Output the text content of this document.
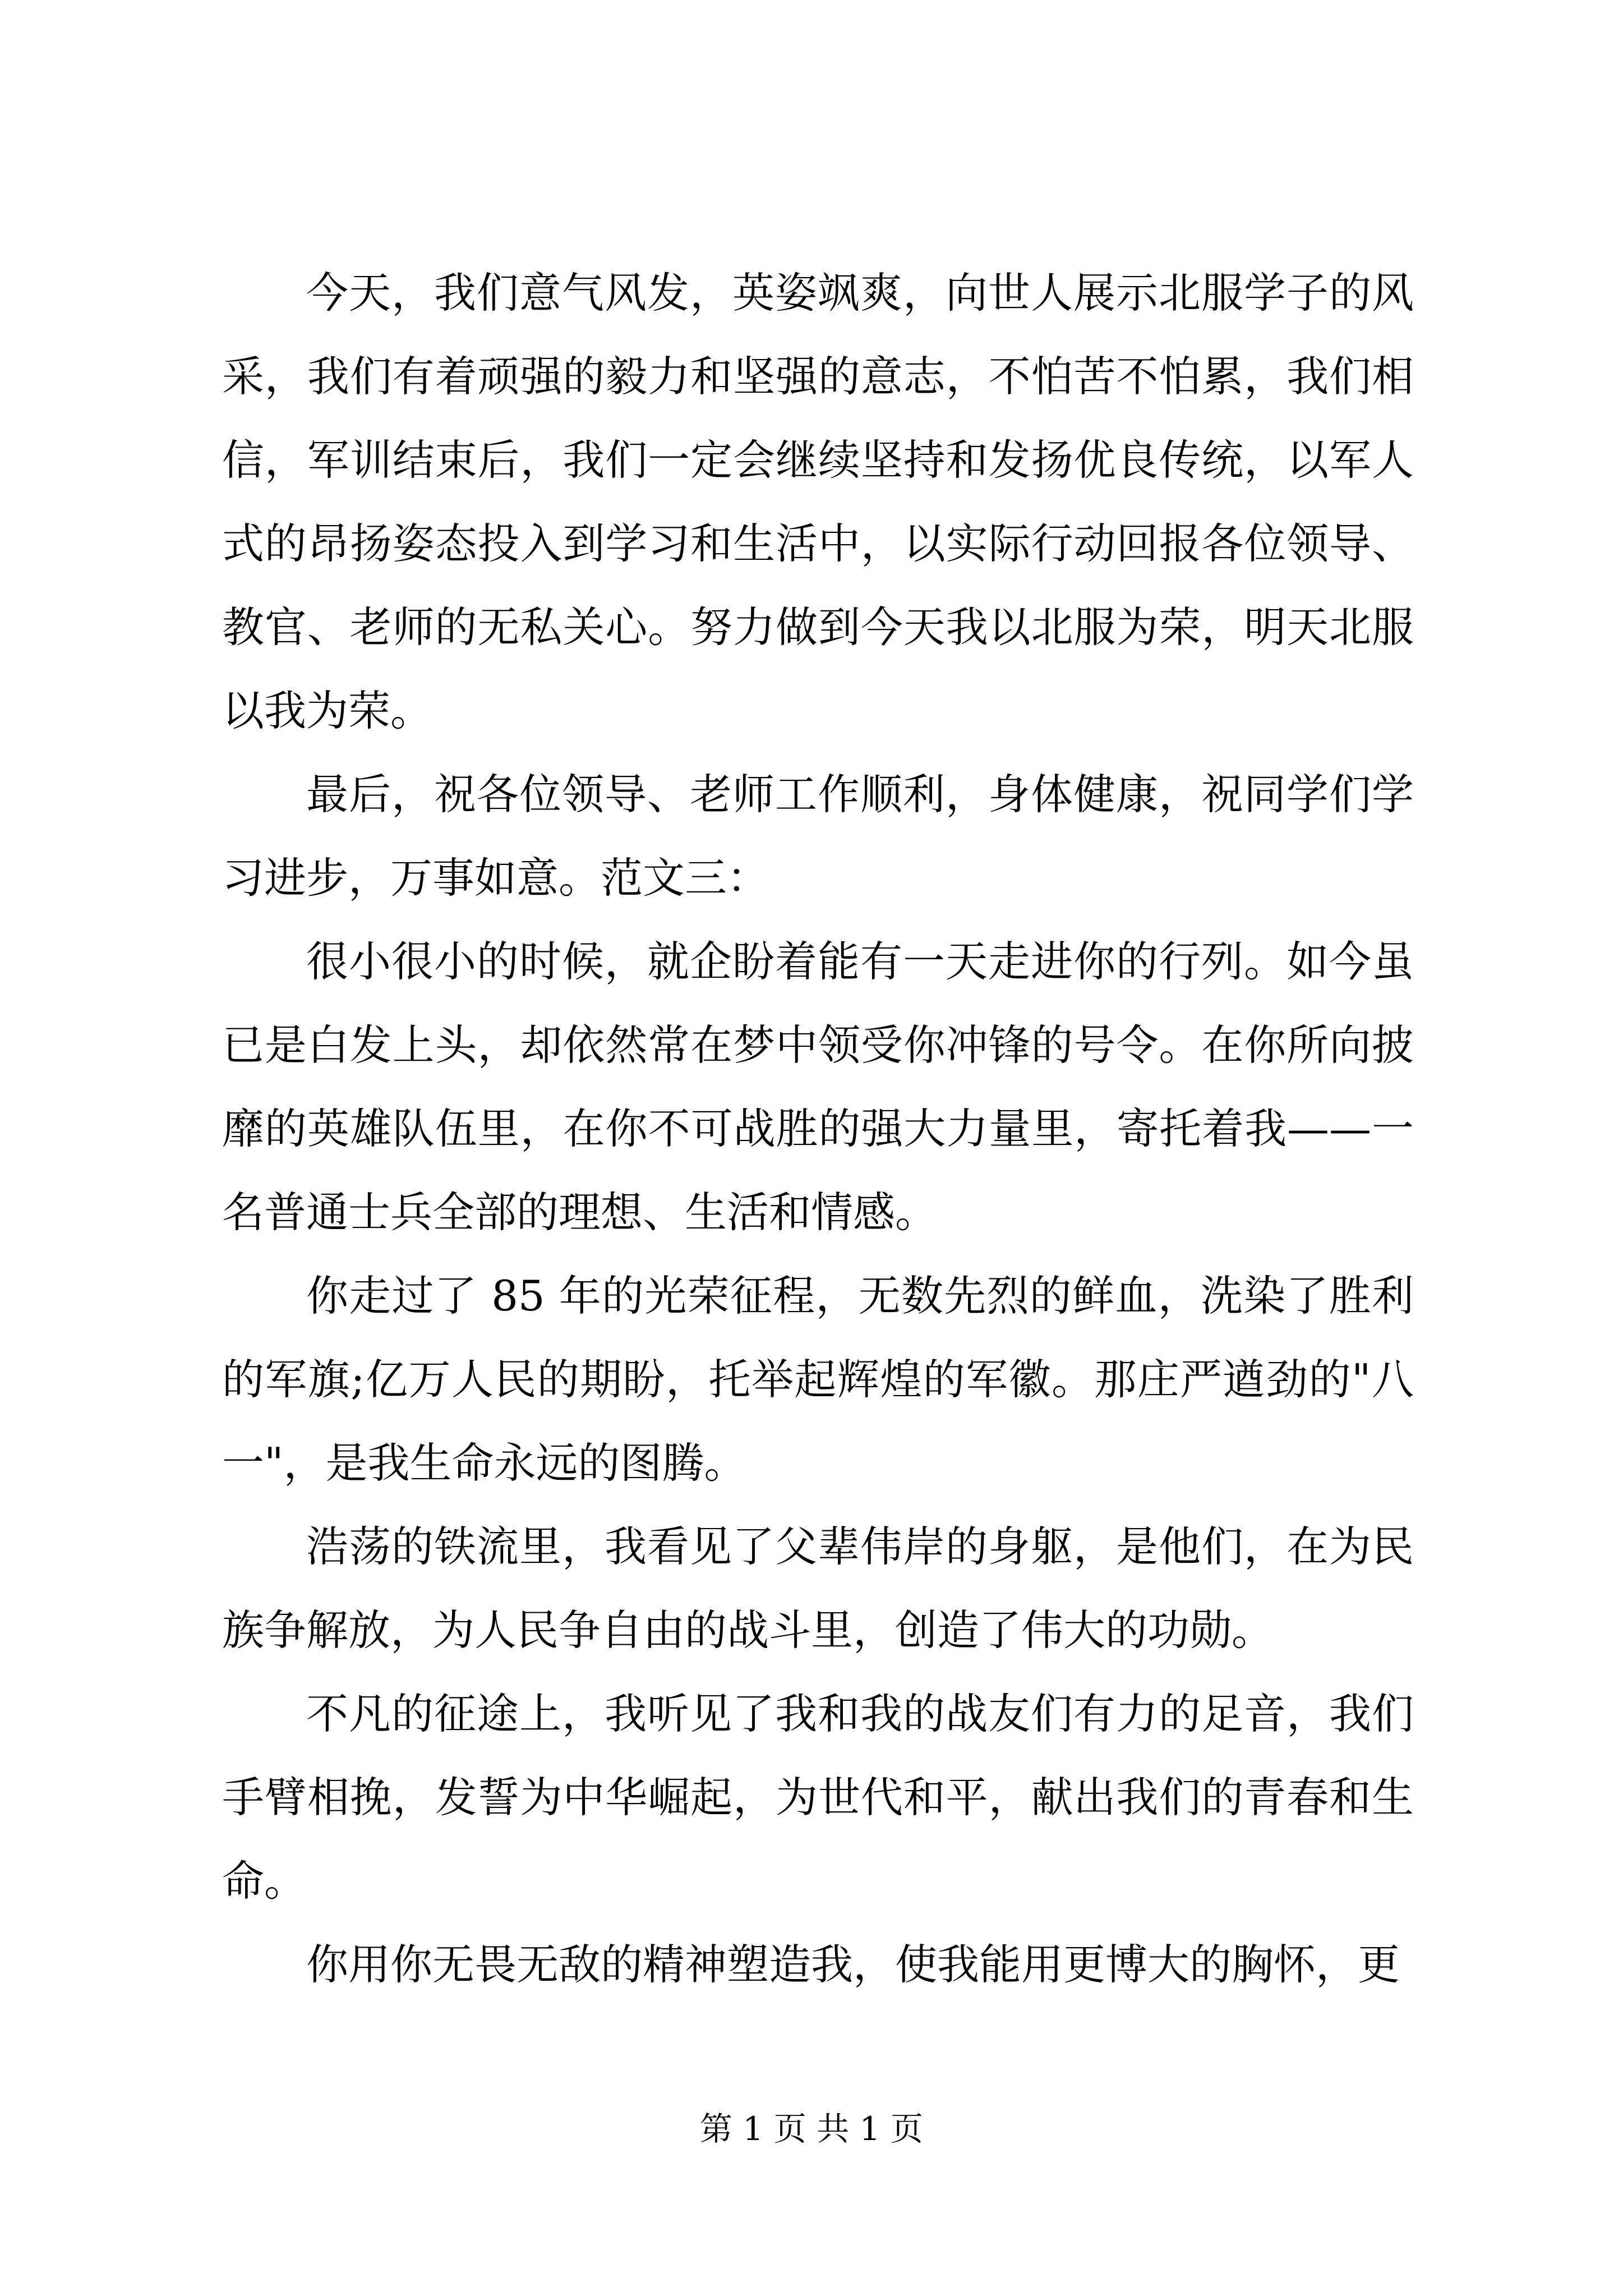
今天，我们意气风发，英姿飒爽，向世人展示北服学子的风采，我们有着顽强的毅力和坚强的意志，不怕苦不怕累，我们相信，军训结束后，我们一定会继续坚持和发扬优良传统，以军人式的昂扬姿态投入到学习和生活中，以实际行动回报各位领导、教官、老师的无私关心。努力做到今天我以北服为荣，明天北服以我为荣。

最后，祝各位领导、老师工作顺利，身体健康，祝同学们学习进步，万事如意。范文三：

很小很小的时候，就企盼着能有一天走进你的行列。如今虽已是白发上头，却依然常在梦中领受你冲锋的号令。在你所向披靡的英雄队伍里，在你不可战胜的强大力量里，寄托着我——一名普通士兵全部的理想、生活和情感。

你走过了 85 年的光荣征程，无数先烈的鲜血，洗染了胜利的军旗;亿万人民的期盼，托举起辉煌的军徽。那庄严遒劲的"八一"，是我生命永远的图腾。

浩荡的铁流里，我看见了父辈伟岸的身躯，是他们，在为民族争解放，为人民争自由的战斗里，创造了伟大的功勋。

不凡的征途上，我听见了我和我的战友们有力的足音，我们手臂相挽，发誓为中华崛起，为世代和平，献出我们的青春和生命。

你用你无畏无敌的精神塑造我，使我能用更博大的胸怀，更

第 1 页 共 1 页
